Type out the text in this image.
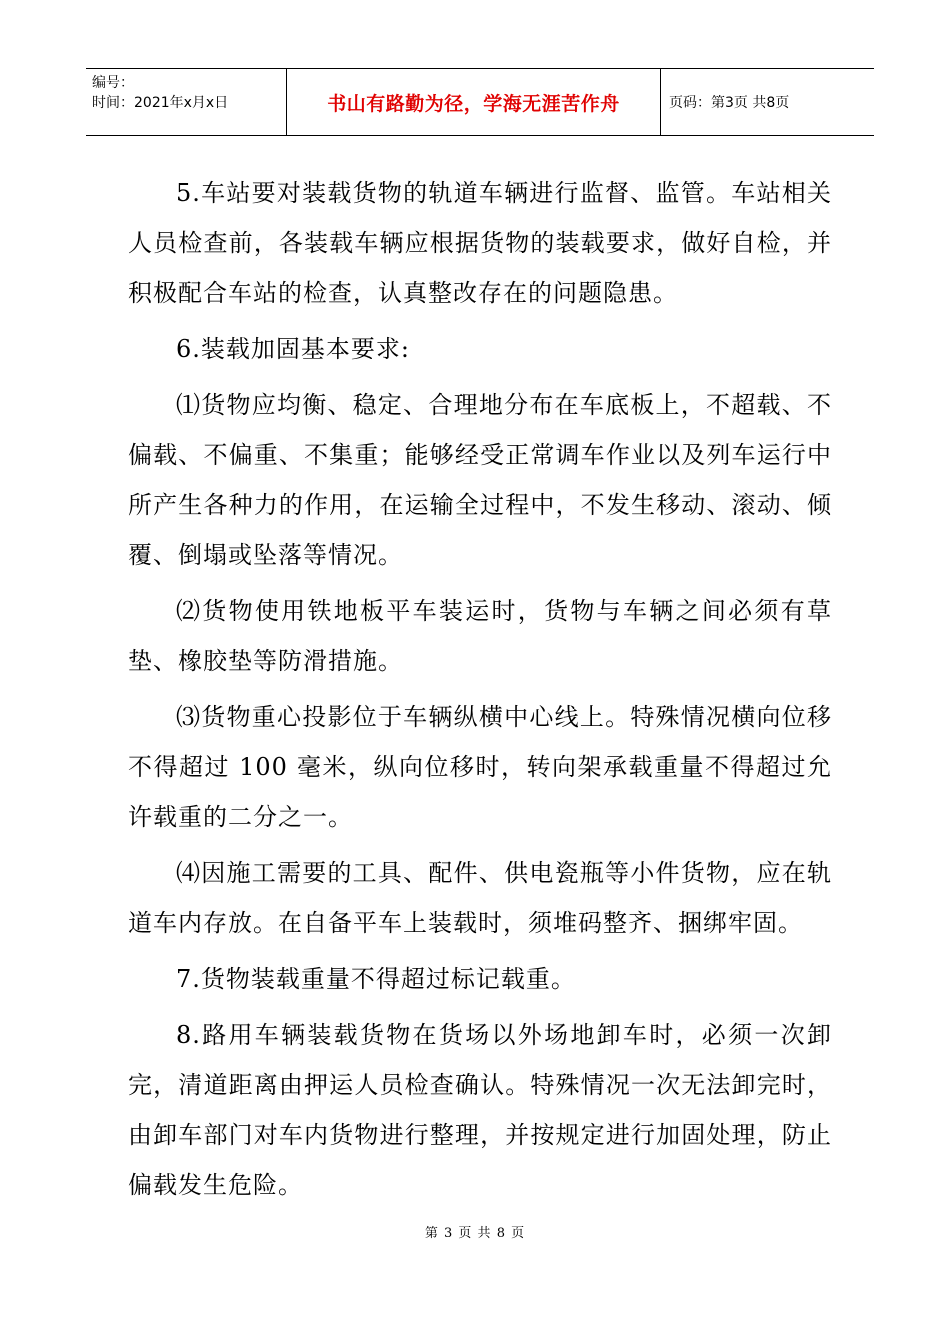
编号：
时间：2021年x月x日	书山有路勤为径，学海无涯苦作舟	页码：第3页 共8页

5.车站要对装载货物的轨道车辆进行监督、监管。车站相关人员检查前，各装载车辆应根据货物的装载要求，做好自检，并积极配合车站的检查，认真整改存在的问题隐患。

6.装载加固基本要求:

⑴货物应均衡、稳定、合理地分布在车底板上，不超载、不偏载、不偏重、不集重；能够经受正常调车作业以及列车运行中所产生各种力的作用，在运输全过程中，不发生移动、滚动、倾覆、倒塌或坠落等情况。

⑵货物使用铁地板平车装运时，货物与车辆之间必须有草垫、橡胶垫等防滑措施。

⑶货物重心投影位于车辆纵横中心线上。特殊情况横向位移不得超过 100 毫米，纵向位移时，转向架承载重量不得超过允许载重的二分之一。

⑷因施工需要的工具、配件、供电瓷瓶等小件货物，应在轨道车内存放。在自备平车上装载时，须堆码整齐、捆绑牢固。

7.货物装载重量不得超过标记载重。

8.路用车辆装载货物在货场以外场地卸车时，必须一次卸完，清道距离由押运人员检查确认。特殊情况一次无法卸完时，由卸车部门对车内货物进行整理，并按规定进行加固处理，防止偏载发生危险。

第 3 页 共 8 页
